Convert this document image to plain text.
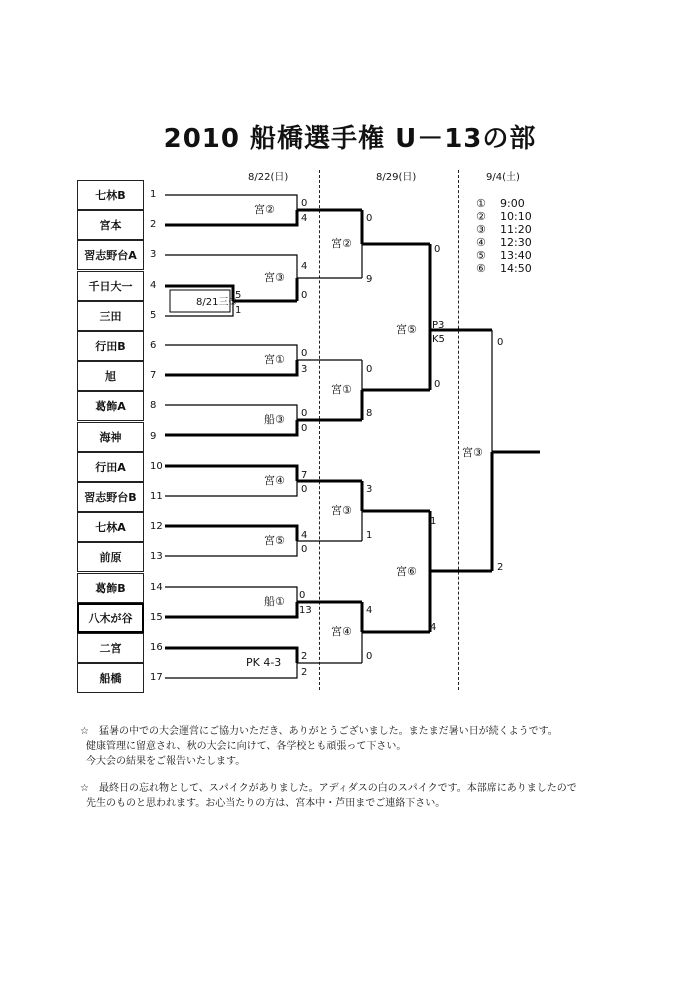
2010 船橋選手権 U－13の部
8/22(日)	8/29(日)	9/4(土)
七林B	1
宮本	2
習志野台A	3
千日大一	4
三田	5
行田B	6
旭	7
葛飾A	8
海神	9
行田A	10
習志野台B	11
七林A	12
前原	13
葛飾B	14
八木が谷	15
二宮	16
船橋	17
①	9:00
②	10:10
③	11:20
④	12:30
⑤	13:40
⑥	14:50
8/21三③
宮②
宮③
宮①
船③
宮④
宮⑤
船①
PK 4-3
宮②
宮①
宮③
宮④
宮⑤
宮⑥
宮③
5
1
0
4
4
0
0
3
0
0
7
0
4
0
0
13
2
2
0
9
0
8
3
1
4
0
0
0
P3
K5
1
4
0
2

☆　猛暑の中での大会運営にご協力いただき、ありがとうございました。またまだ暑い日が続くようです。
健康管理に留意され、秋の大会に向けて、各学校とも頑張って下さい。
今大会の結果をご報告いたします。

☆　最終日の忘れ物として、スパイクがありました。アディダスの白のスパイクです。本部席にありましたので
先生のものと思われます。お心当たりの方は、宮本中・芦田までご連絡下さい。
